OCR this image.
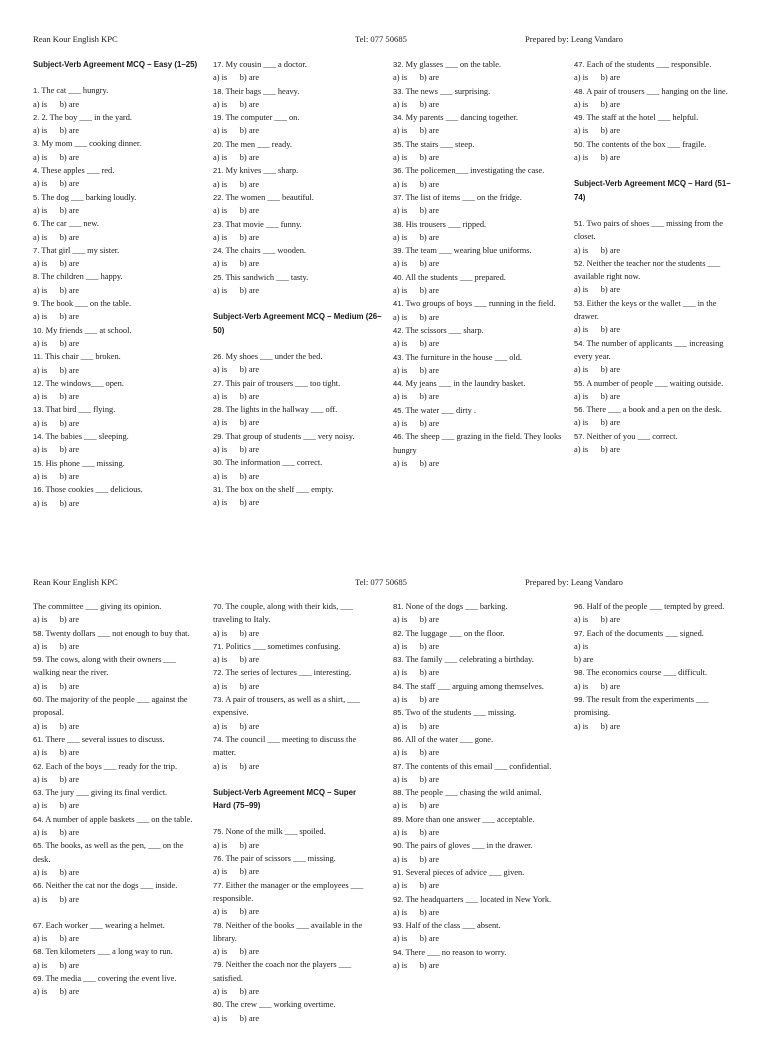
Rean Kour English KPC	Tel: 077 50685	Prepared by: Leang Vandaro
Subject-Verb Agreement MCQ – Easy (1–25)
1. The cat ___ hungry.
a) is      b) are
2. 2. The boy ___ in the yard.
a) is      b) are
3. My mom ___ cooking dinner.
a) is      b) are
4. These apples ___ red.
a) is      b) are
5. The dog ___ barking loudly.
a) is      b) are
6. The car ___ new.
a) is      b) are
7. That girl ___ my sister.
a) is      b) are
8. The children ___ happy.
a) is      b) are
9. The book ___ on the table.
a) is      b) are
10. My friends ___ at school.
a) is      b) are
11. This chair ___ broken.
a) is      b) are
12. The windows___ open.
a) is      b) are
13. That bird ___ flying.
a) is      b) are
14. The babies ___ sleeping.
a) is      b) are
15. His phone ___ missing.
a) is      b) are
16. Those cookies ___ delicious.
a) is      b) are
17. My cousin ___ a doctor.
a) is      b) are
18. Their bags ___ heavy.
a) is      b) are
19. The computer ___ on.
a) is      b) are
20. The men ___ ready.
a) is      b) are
21. My knives ___ sharp.
a) is      b) are
22. The women ___ beautiful.
a) is      b) are
23. That movie ___ funny.
a) is      b) are
24. The chairs ___ wooden.
a) is      b) are
25. This sandwich ___ tasty.
a) is      b) are
Subject-Verb Agreement MCQ – Medium (26–50)
26. My shoes ___ under the bed.
a) is      b) are
27. This pair of trousers ___ too tight.
a) is      b) are
28. The lights in the hallway ___ off.
a) is      b) are
29. That group of students ___ very noisy.
a) is      b) are
30. The information ___ correct.
a) is      b) are
31. The box on the shelf ___ empty.
a) is      b) are
32. My glasses ___ on the table.
a) is      b) are
33. The news ___ surprising.
a) is      b) are
34. My parents ___ dancing together.
a) is      b) are
35. The stairs ___ steep.
a) is      b) are
36. The policemen___ investigating the case.
a) is      b) are
37. The list of items ___ on the fridge.
a) is      b) are
38. His trousers ___ ripped.
a) is      b) are
39. The team ___ wearing blue uniforms.
a) is      b) are
40. All the students ___ prepared.
a) is      b) are
41. Two groups of boys ___ running in the field.
a) is      b) are
42. The scissors ___ sharp.
a) is      b) are
43. The furniture in the house ___ old.
a) is      b) are
44. My jeans ___ in the laundry basket.
a) is      b) are
45. The water ___ dirty .
a) is      b) are
46. The sheep ___ grazing in the field. They looks hungry
a) is      b) are
47. Each of the students ___ responsible.
a) is      b) are
48. A pair of trousers ___ hanging on the line.
a) is      b) are
49. The staff at the hotel ___ helpful.
a) is      b) are
50. The contents of the box ___ fragile.
a) is      b) are
Subject-Verb Agreement MCQ – Hard (51–74)
51. Two pairs of shoes ___ missing from the closet.
a) is      b) are
52. Neither the teacher nor the students ___ available right now.
a) is      b) are
53. Either the keys or the wallet ___ in the drawer.
a) is      b) are
54. The number of applicants ___ increasing every year.
a) is      b) are
55. A number of people ___ waiting outside.
a) is      b) are
56. There ___ a book and a pen on the desk.
a) is      b) are
57. Neither of you ___ correct.
a) is      b) are
Rean Kour English KPC	Tel: 077 50685	Prepared by: Leang Vandaro
The committee ___ giving its opinion.
a) is      b) are
58. Twenty dollars ___ not enough to buy that.
a) is      b) are
59. The cows, along with their owners ___ walking near the river.
a) is      b) are
60. The majority of the people ___ against the proposal.
a) is      b) are
61. There ___ several issues to discuss.
a) is      b) are
62. Each of the boys ___ ready for the trip.
a) is      b) are
63. The jury ___ giving its final verdict.
a) is      b) are
64. A number of apple baskets ___ on the table.
a) is      b) are
65. The books, as well as the pen, ___ on the desk.
a) is      b) are
66. Neither the cat nor the dogs ___ inside.
a) is      b) are
67. Each worker ___ wearing a helmet.
a) is      b) are
68. Ten kilometers ___ a long way to run.
a) is      b) are
69. The media ___ covering the event live.
a) is      b) are
70. The couple, along with their kids, ___ traveling to Italy.
a) is      b) are
71. Politics ___ sometimes confusing.
a) is      b) are
72. The series of lectures ___ interesting.
a) is      b) are
73. A pair of trousers, as well as a shirt, ___ expensive.
a) is      b) are
74. The council ___ meeting to discuss the matter.
a) is      b) are
Subject-Verb Agreement MCQ – Super Hard (75–99)
75. None of the milk ___ spoiled.
a) is      b) are
76. The pair of scissors ___ missing.
a) is      b) are
77. Either the manager or the employees ___ responsible.
a) is      b) are
78. Neither of the books ___ available in the library.
a) is      b) are
79. Neither the coach nor the players ___ satisfied.
a) is      b) are
80. The crew ___ working overtime.
a) is      b) are
81. None of the dogs ___ barking.
a) is      b) are
82. The luggage ___ on the floor.
a) is      b) are
83. The family ___ celebrating a birthday.
a) is      b) are
84. The staff ___ arguing among themselves.
a) is      b) are
85. Two of the students ___ missing.
a) is      b) are
86. All of the water ___ gone.
a) is      b) are
87. The contents of this email ___ confidential.
a) is      b) are
88. The people ___ chasing the wild animal.
a) is      b) are
89. More than one answer ___ acceptable.
a) is      b) are
90. The pairs of gloves ___ in the drawer.
a) is      b) are
91. Several pieces of advice ___ given.
a) is      b) are
92. The headquarters ___ located in New York.
a) is      b) are
93. Half of the class ___ absent.
a) is      b) are
94. There ___ no reason to worry.
a) is      b) are
96. Half of the people ___ tempted by greed.
a) is      b) are
97. Each of the documents ___ signed.
a) is
b) are
98. The economics course ___ difficult.
a) is      b) are
99. The result from the experiments ___ promising.
a) is      b) are
